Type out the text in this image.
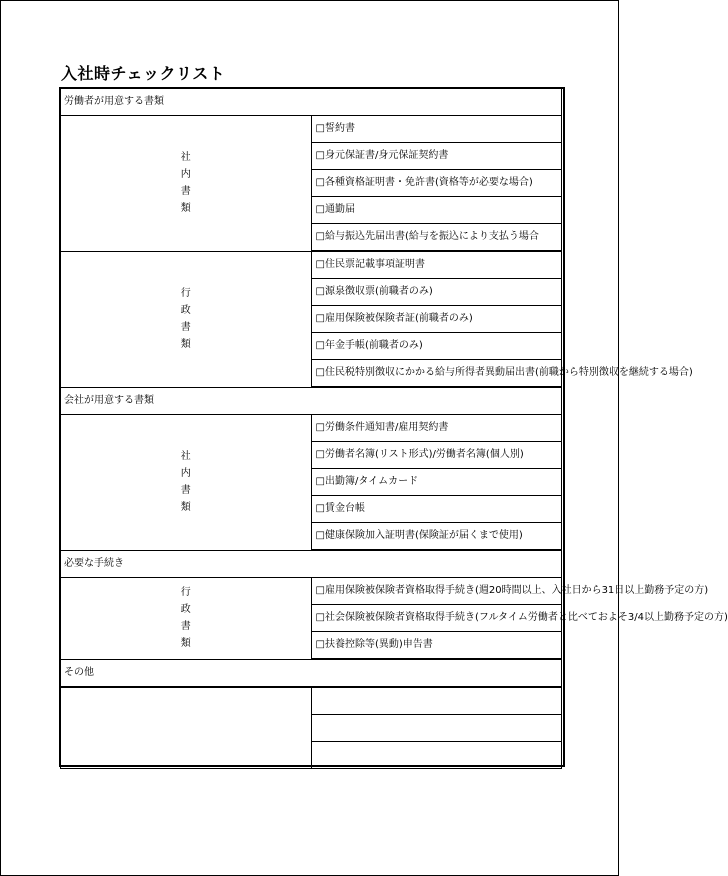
入社時チェックリスト
労働者が用意する書類	
社内書類	□誓約書
	□身元保証書/身元保証契約書
	□各種資格証明書・免許書(資格等が必要な場合)
	□通勤届
	□給与振込先届出書(給与を振込により支払う場合
行政書類	□住民票記載事項証明書
	□源泉徴収票(前職者のみ)
	□雇用保険被保険者証(前職者のみ)
	□年金手帳(前職者のみ)
	□住民税特別徴収にかかる給与所得者異動届出書(前職から特別徴収を継続する場合)
会社が用意する書類	
社内書類	□労働条件通知書/雇用契約書
	□労働者名簿(リスト形式)/労働者名簿(個人別)
	□出勤簿/タイムカード
	□賃金台帳
	□健康保険加入証明書(保険証が届くまで使用)
必要な手続き	
行政書類	□雇用保険被保険者資格取得手続き(週20時間以上、入社日から31日以上勤務予定の方)
	□社会保険被保険者資格取得手続き(フルタイム労働者と比べておよそ3/4以上勤務予定の方)
	□扶養控除等(異動)申告書
その他	
